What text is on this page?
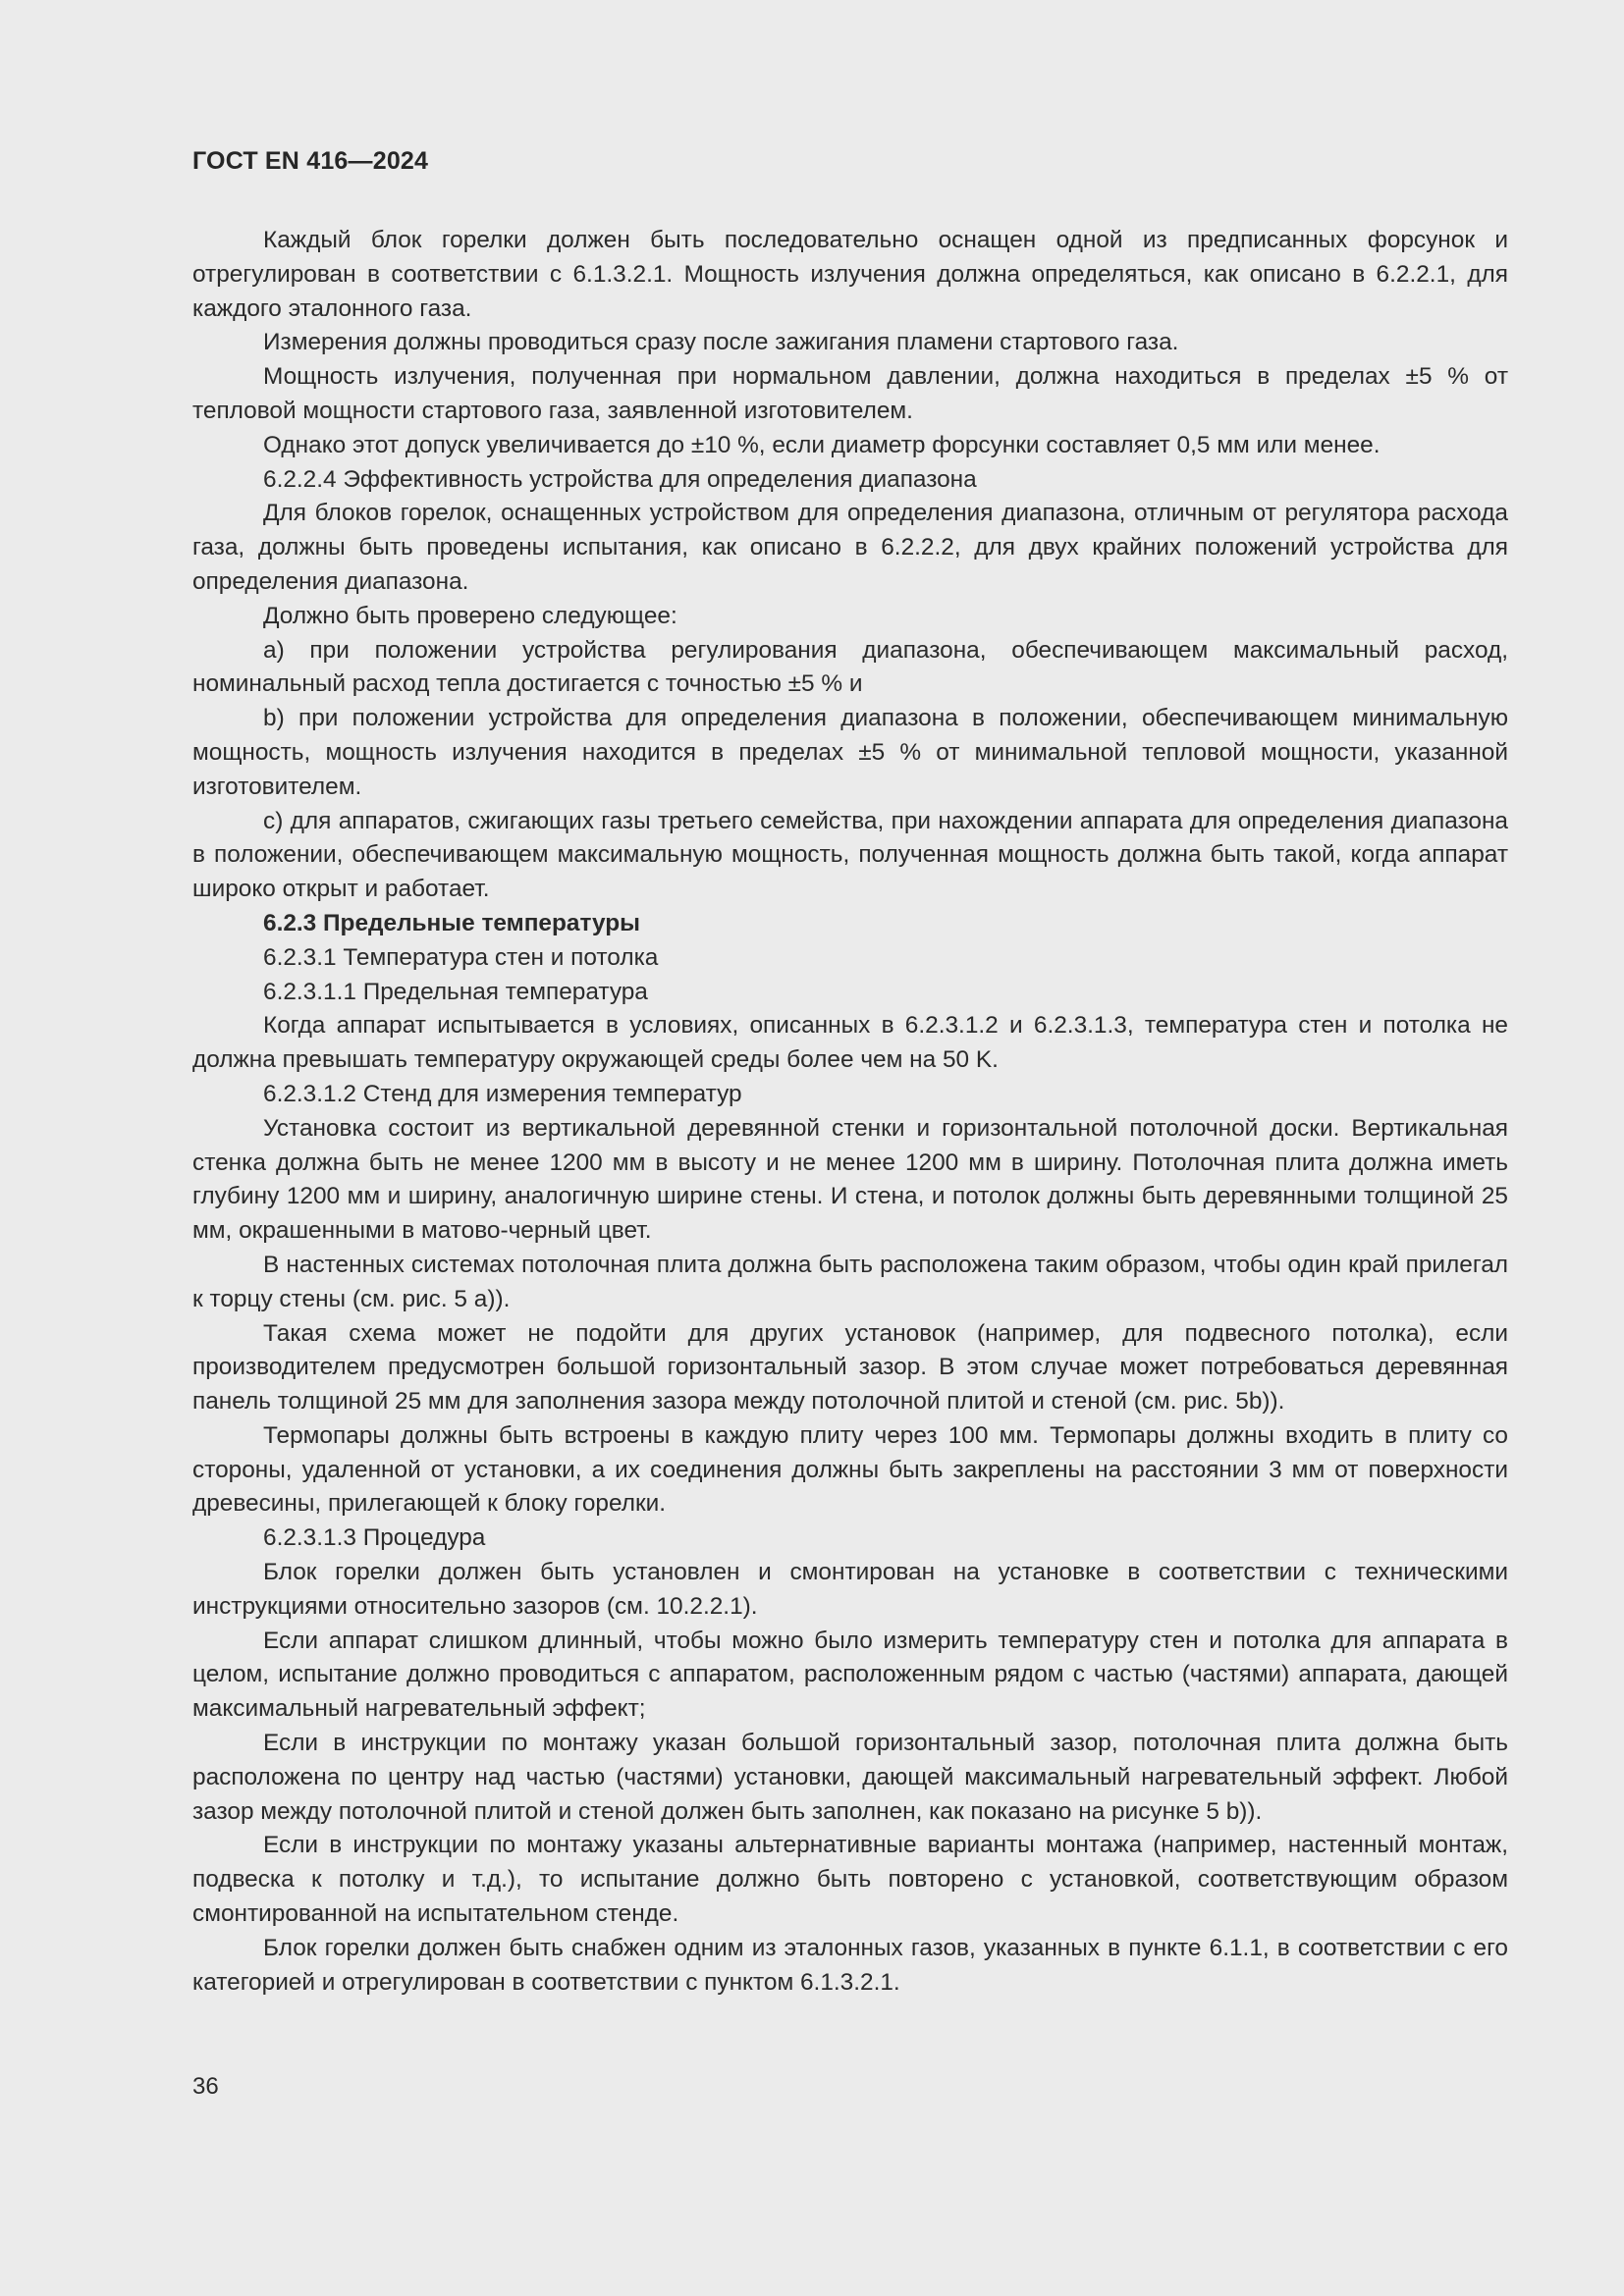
ГОСТ EN 416—2024

Каждый блок горелки должен быть последовательно оснащен одной из предписанных форсунок и отрегулирован в соответствии с 6.1.3.2.1. Мощность излучения должна определяться, как описано в 6.2.2.1, для каждого эталонного газа.

Измерения должны проводиться сразу после зажигания пламени стартового газа.

Мощность излучения, полученная при нормальном давлении, должна находиться в пределах ±5 % от тепловой мощности стартового газа, заявленной изготовителем.

Однако этот допуск увеличивается до ±10 %, если диаметр форсунки составляет 0,5 мм или менее.

6.2.2.4 Эффективность устройства для определения диапазона

Для блоков горелок, оснащенных устройством для определения диапазона, отличным от регулятора расхода газа, должны быть проведены испытания, как описано в 6.2.2.2, для двух крайних положений устройства для определения диапазона.

Должно быть проверено следующее:

a) при положении устройства регулирования диапазона, обеспечивающем максимальный расход, номинальный расход тепла достигается с точностью ±5 % и

b) при положении устройства для определения диапазона в положении, обеспечивающем минимальную мощность, мощность излучения находится в пределах ±5 % от минимальной тепловой мощности, указанной изготовителем.

c) для аппаратов, сжигающих газы третьего семейства, при нахождении аппарата для определения диапазона в положении, обеспечивающем максимальную мощность, полученная мощность должна быть такой, когда аппарат широко открыт и работает.

6.2.3 Предельные температуры

6.2.3.1 Температура стен и потолка

6.2.3.1.1 Предельная температура

Когда аппарат испытывается в условиях, описанных в 6.2.3.1.2 и 6.2.3.1.3, температура стен и потолка не должна превышать температуру окружающей среды более чем на 50 K.

6.2.3.1.2 Стенд для измерения температур

Установка состоит из вертикальной деревянной стенки и горизонтальной потолочной доски. Вертикальная стенка должна быть не менее 1200 мм в высоту и не менее 1200 мм в ширину. Потолочная плита должна иметь глубину 1200 мм и ширину, аналогичную ширине стены. И стена, и потолок должны быть деревянными толщиной 25 мм, окрашенными в матово-черный цвет.

В настенных системах потолочная плита должна быть расположена таким образом, чтобы один край прилегал к торцу стены (см. рис. 5 a)).

Такая схема может не подойти для других установок (например, для подвесного потолка), если производителем предусмотрен большой горизонтальный зазор. В этом случае может потребоваться деревянная панель толщиной 25 мм для заполнения зазора между потолочной плитой и стеной (см. рис. 5b)).

Термопары должны быть встроены в каждую плиту через 100 мм. Термопары должны входить в плиту со стороны, удаленной от установки, а их соединения должны быть закреплены на расстоянии 3 мм от поверхности древесины, прилегающей к блоку горелки.

6.2.3.1.3 Процедура

Блок горелки должен быть установлен и смонтирован на установке в соответствии с техническими инструкциями относительно зазоров (см. 10.2.2.1).

Если аппарат слишком длинный, чтобы можно было измерить температуру стен и потолка для аппарата в целом, испытание должно проводиться с аппаратом, расположенным рядом с частью (частями) аппарата, дающей максимальный нагревательный эффект;

Если в инструкции по монтажу указан большой горизонтальный зазор, потолочная плита должна быть расположена по центру над частью (частями) установки, дающей максимальный нагревательный эффект. Любой зазор между потолочной плитой и стеной должен быть заполнен, как показано на рисунке 5 b)).

Если в инструкции по монтажу указаны альтернативные варианты монтажа (например, настенный монтаж, подвеска к потолку и т.д.), то испытание должно быть повторено с установкой, соответствующим образом смонтированной на испытательном стенде.

Блок горелки должен быть снабжен одним из эталонных газов, указанных в пункте 6.1.1, в соответствии с его категорией и отрегулирован в соответствии с пунктом 6.1.3.2.1.

36
